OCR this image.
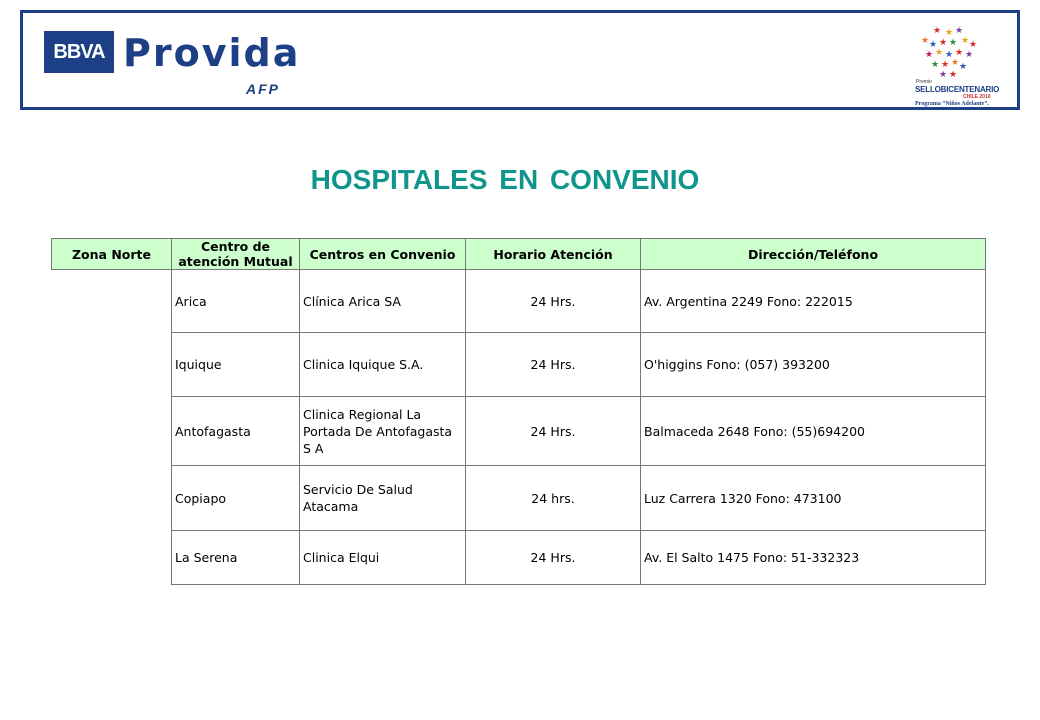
BBVA Provida
AFP
★ ★ ★
★ ★ ★ ★ ★ ★
★ ★ ★ ★ ★
★ ★ ★ ★
★ ★
Premio
SELLOBICENTENARIO
CHILE 2010
Programa “Niños Adelante”.
HOSPITALES EN CONVENIO
Zona Norte	Centro de atención Mutual	Centros en Convenio	Horario Atención	Dirección/Teléfono
	Arica	Clínica Arica SA	24 Hrs.	Av. Argentina 2249 Fono: 222015
	Iquique	Clinica Iquique S.A.	24 Hrs.	O'higgins Fono: (057) 393200
	Antofagasta	Clinica Regional La Portada De Antofagasta S A	24 Hrs.	Balmaceda 2648 Fono: (55)694200
	Copiapo	Servicio De Salud Atacama	24 hrs.	Luz Carrera 1320 Fono: 473100
	La Serena	Clinica Elqui	24 Hrs.	Av. El Salto 1475 Fono: 51-332323
